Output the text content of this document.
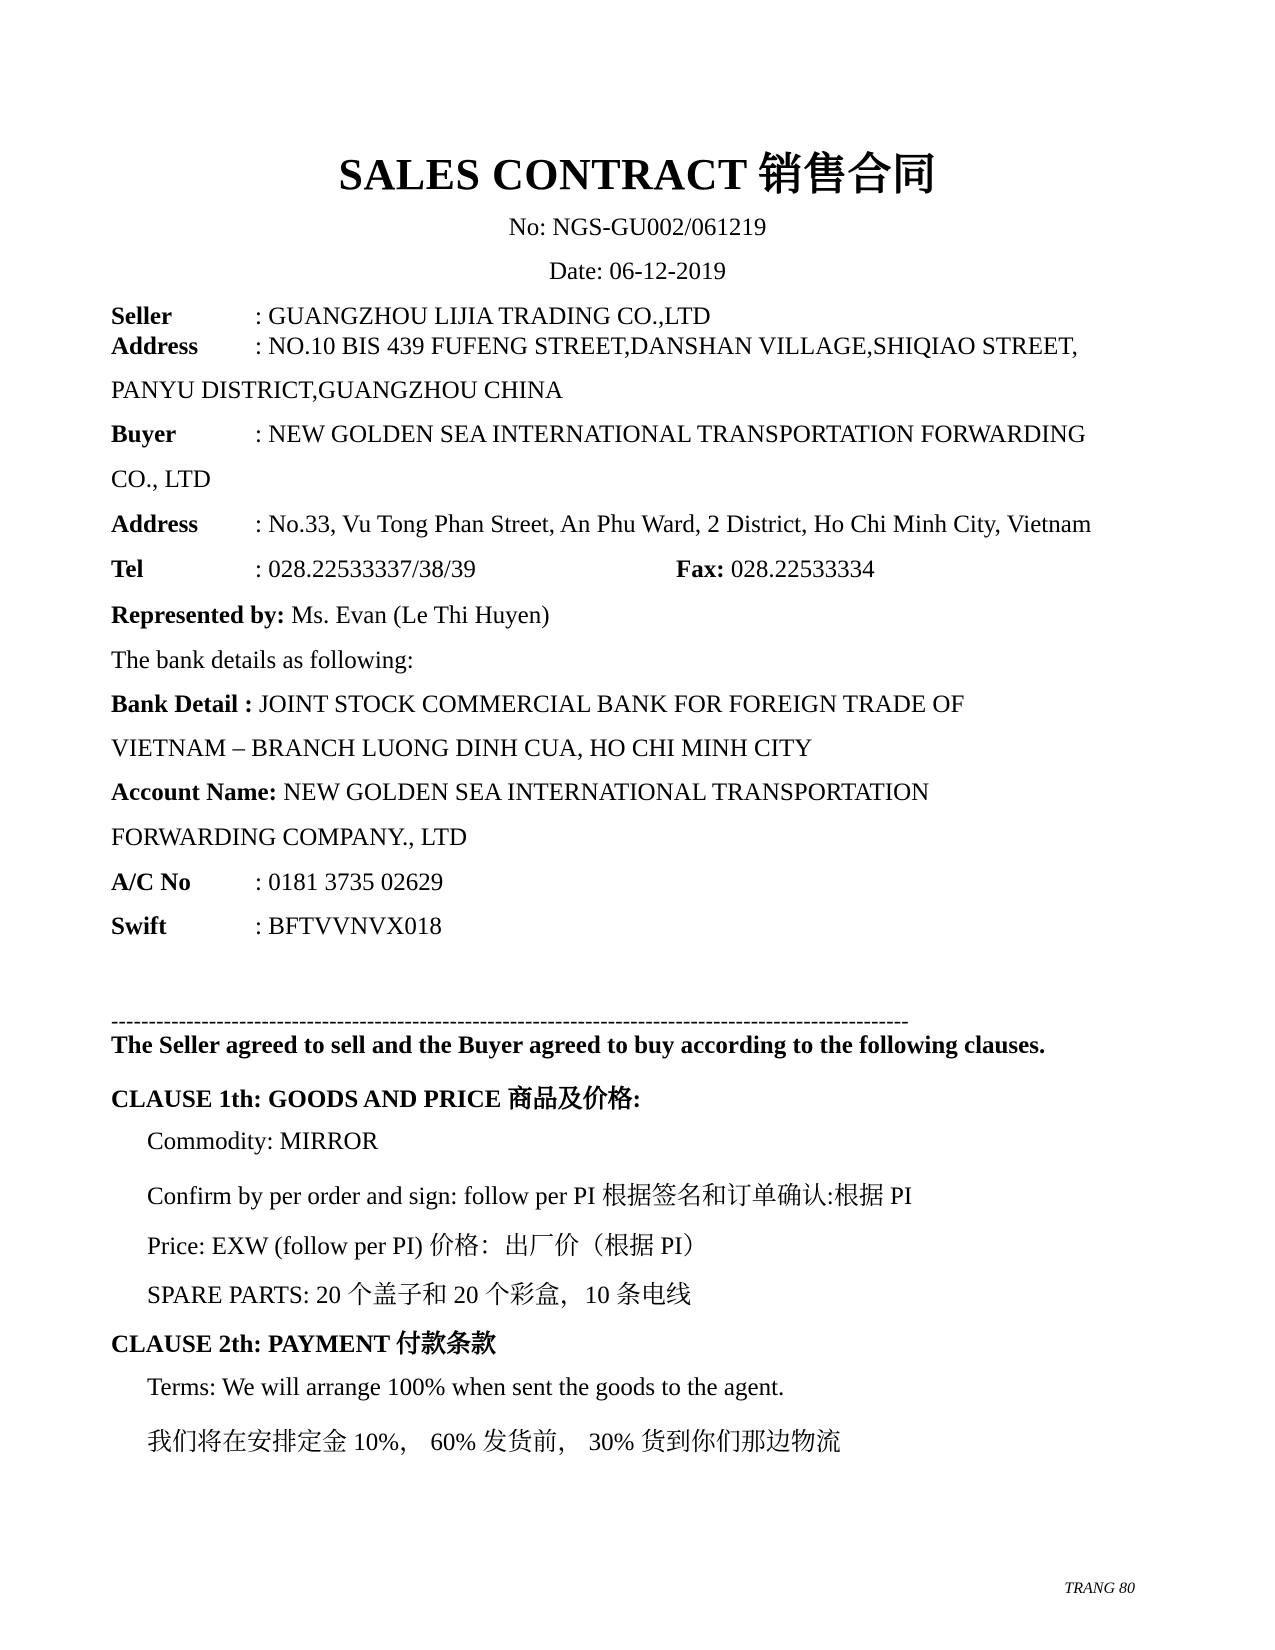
SALES CONTRACT 销售合同
No: NGS-GU002/061219
Date: 06-12-2019
Seller	: GUANGZHOU LIJIA TRADING CO.,LTD
Address : NO.10 BIS 439 FUFENG STREET,DANSHAN VILLAGE,SHIQIAO STREET,
PANYU DISTRICT,GUANGZHOU CHINA
Buyer	: NEW GOLDEN SEA INTERNATIONAL TRANSPORTATION FORWARDING
CO., LTD
Address : No.33, Vu Tong Phan Street, An Phu Ward, 2 District, Ho Chi Minh City, Vietnam
Tel	: 028.22533337/38/39	Fax: 028.22533334
Represented by: Ms. Evan (Le Thi Huyen)
The bank details as following:
Bank Detail : JOINT STOCK COMMERCIAL BANK FOR FOREIGN TRADE OF
VIETNAM – BRANCH LUONG DINH CUA, HO CHI MINH CITY
Account Name: NEW GOLDEN SEA INTERNATIONAL TRANSPORTATION
FORWARDING COMPANY., LTD
A/C No	: 0181 3735 02629
Swift	: BFTVVNVX018
----------------------------------------------------------------------------------------------------------
The Seller agreed to sell and the Buyer agreed to buy according to the following clauses.
CLAUSE 1th: GOODS AND PRICE 商品及价格:
Commodity: MIRROR
Confirm by per order and sign: follow per PI 根据签名和订单确认:根据 PI
Price: EXW (follow per PI) 价格：出厂价（根据 PI）
SPARE PARTS: 20 个盖子和 20 个彩盒，10 条电线
CLAUSE 2th: PAYMENT 付款条款
Terms: We will arrange 100% when sent the goods to the agent.
我们将在安排定金 10%， 60% 发货前， 30% 货到你们那边物流
TRANG 80
